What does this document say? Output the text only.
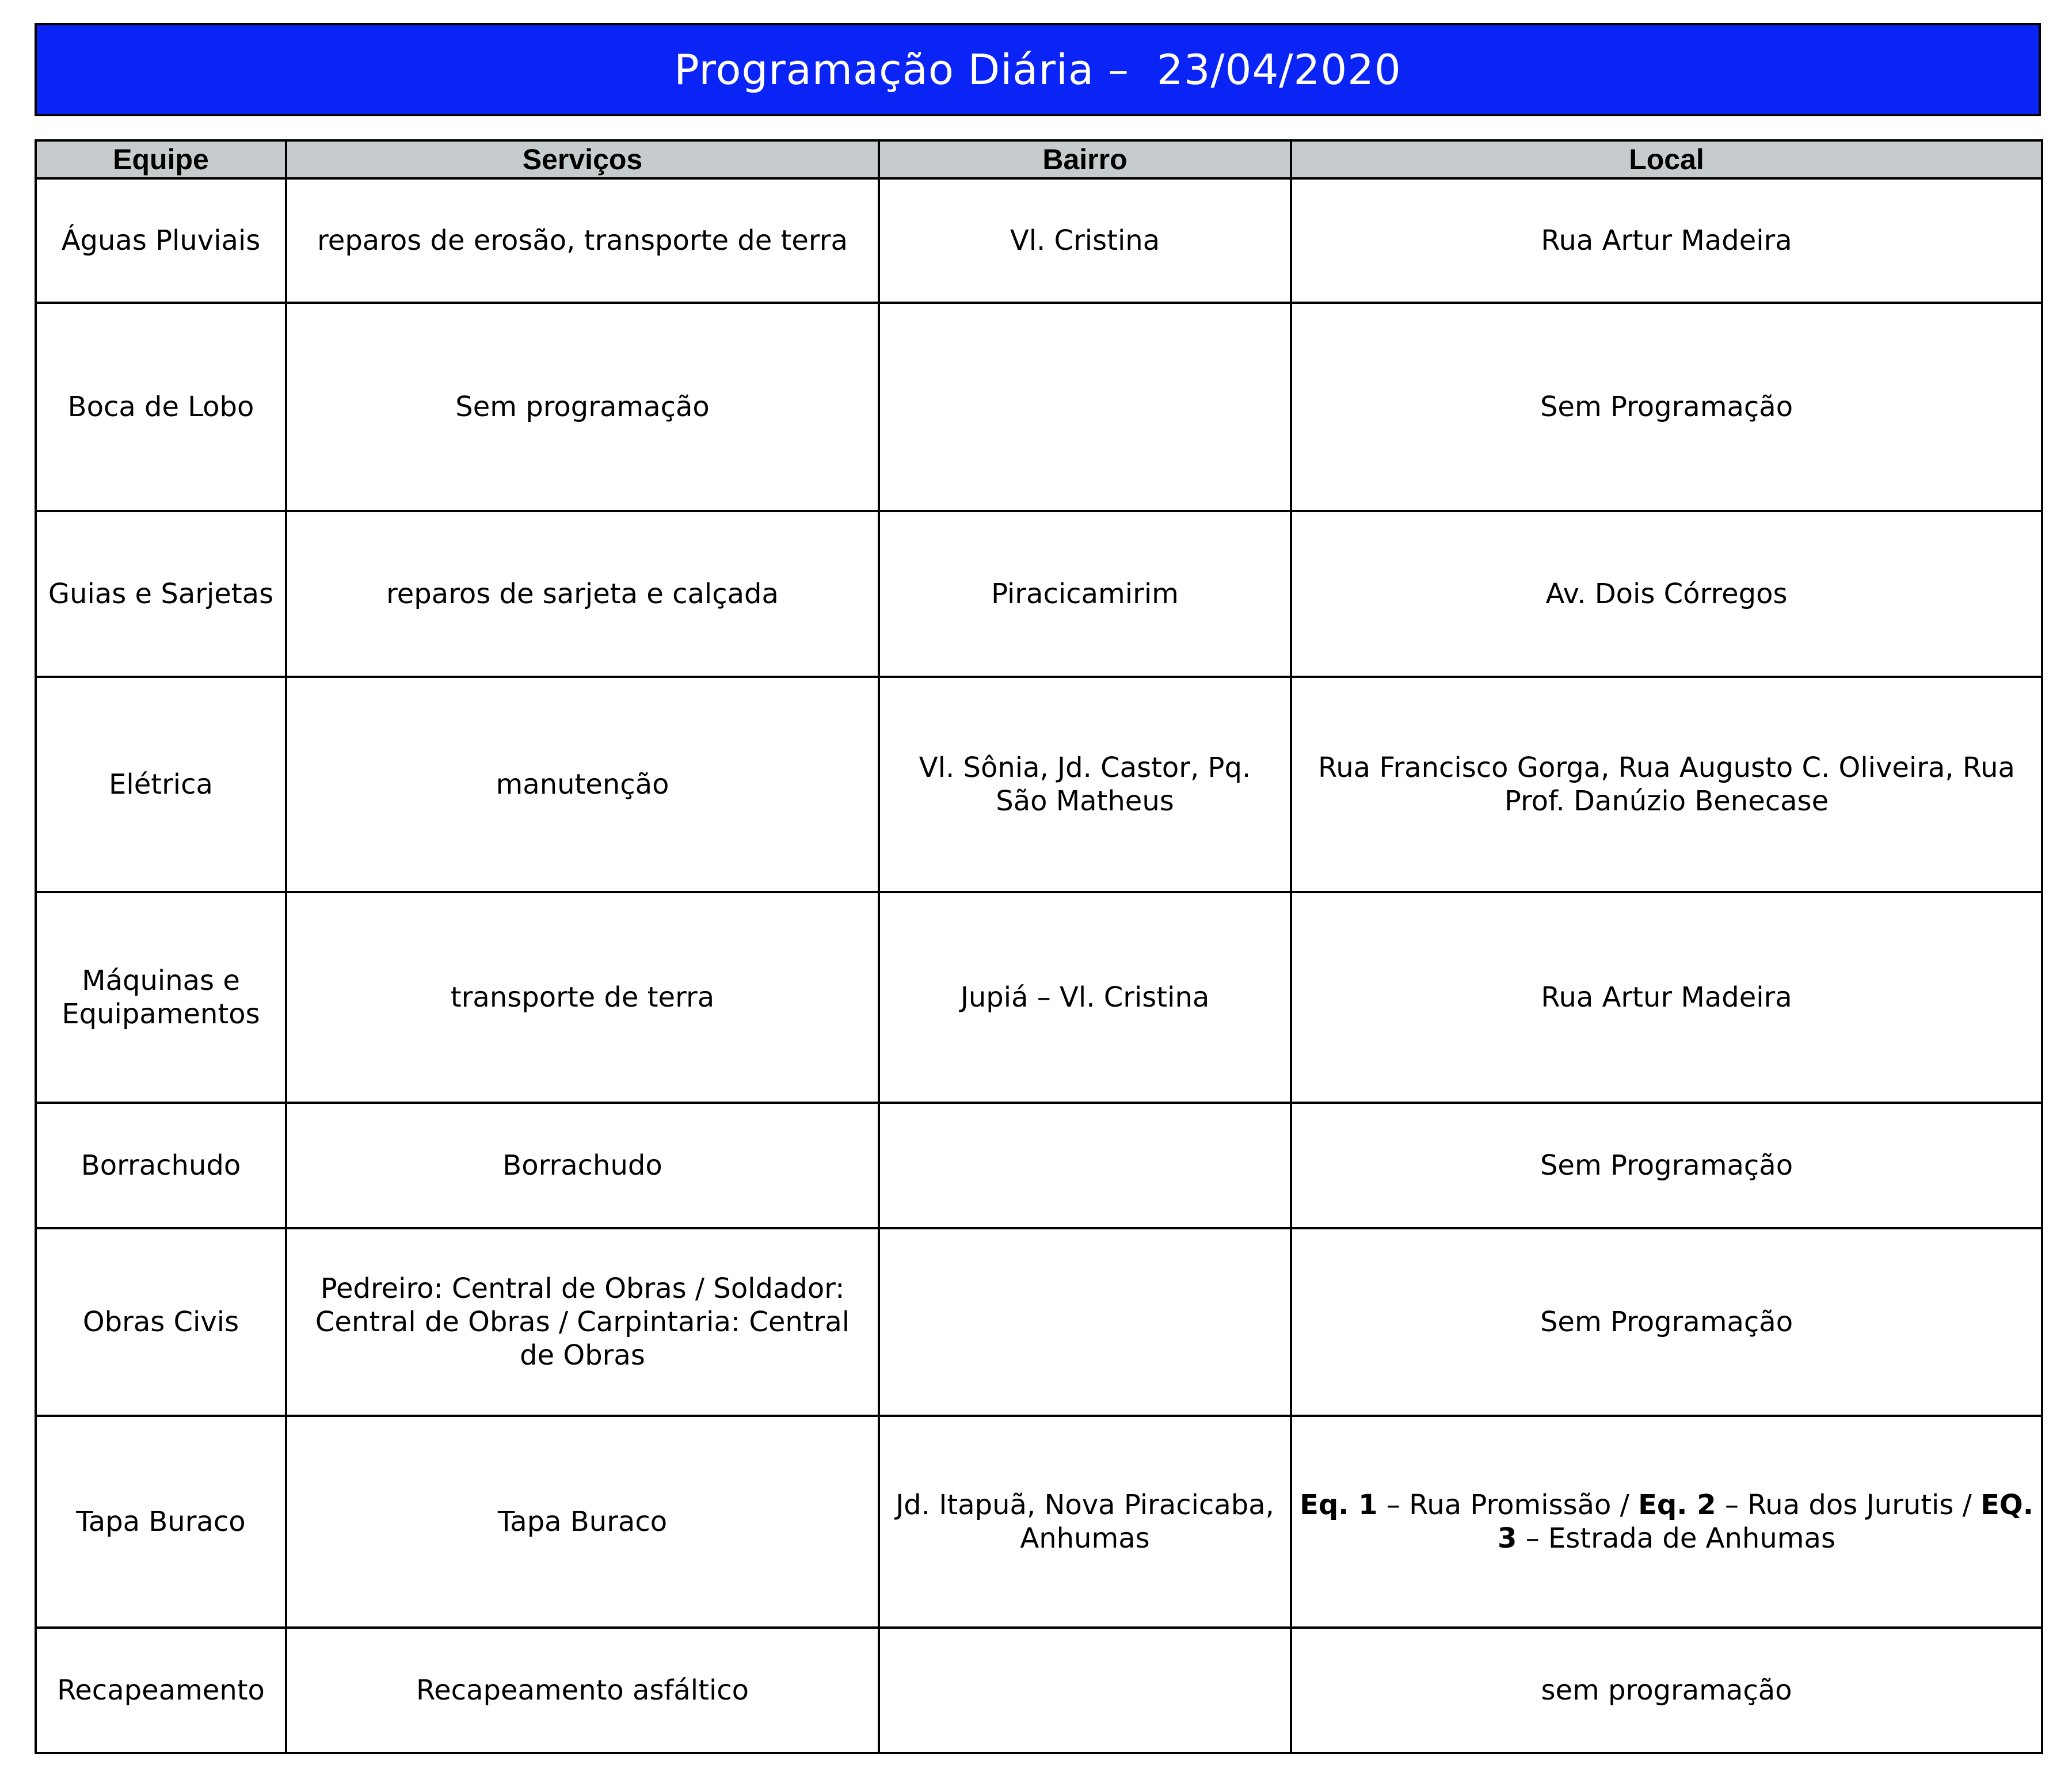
Programação Diária –  23/04/2020
Equipe	Serviços	Bairro	Local
Águas Pluviais	reparos de erosão, transporte de terra	Vl. Cristina	Rua Artur Madeira
Boca de Lobo	Sem programação		Sem Programação
Guias e Sarjetas	reparos de sarjeta e calçada	Piracicamirim	Av. Dois Córregos
Elétrica	manutenção	Vl. Sônia, Jd. Castor, Pq. São Matheus	Rua Francisco Gorga, Rua Augusto C. Oliveira, Rua Prof. Danúzio Benecase
Máquinas e Equipamentos	transporte de terra	Jupiá – Vl. Cristina	Rua Artur Madeira
Borrachudo	Borrachudo		Sem Programação
Obras Civis	Pedreiro: Central de Obras / Soldador: Central de Obras / Carpintaria: Central de Obras		Sem Programação
Tapa Buraco	Tapa Buraco	Jd. Itapuã, Nova Piracicaba, Anhumas	Eq. 1 – Rua Promissão / Eq. 2 – Rua dos Jurutis / EQ. 3 – Estrada de Anhumas
Recapeamento	Recapeamento asfáltico		sem programação
